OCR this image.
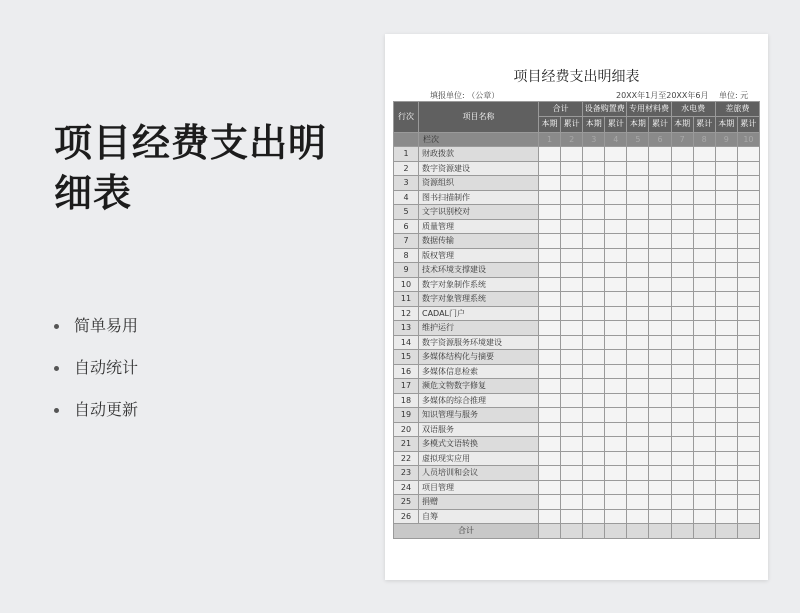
项目经费支出明细表
简单易用
自动统计
自动更新
项目经费支出明细表
填报单位: （公章）	20XX年1月至20XX年6月 单位: 元
行次	项目名称	合计		设备购置费		专用材料费		水电费		差旅费	
		本期	累计	本期	累计	本期	累计	本期	累计	本期	累计
	栏次	1	2	3	4	5	6	7	8	9	10
1	财政拨款										
2	数字资源建设										
3	资源组织										
4	图书扫描制作										
5	文字识别校对										
6	质量管理										
7	数据传输										
8	版权管理										
9	技术环境支撑建设										
10	数字对象制作系统										
11	数字对象管理系统										
12	CADAL门户										
13	维护运行										
14	数字资源服务环境建设										
15	多媒体结构化与摘要										
16	多媒体信息检索										
17	濒危文物数字修复										
18	多媒体的综合推理										
19	知识管理与服务										
20	双语服务										
21	多模式文语转换										
22	虚拟现实应用										
23	人员培训和会议										
24	项目管理										
25	捐赠										
26	自筹										
合计											
